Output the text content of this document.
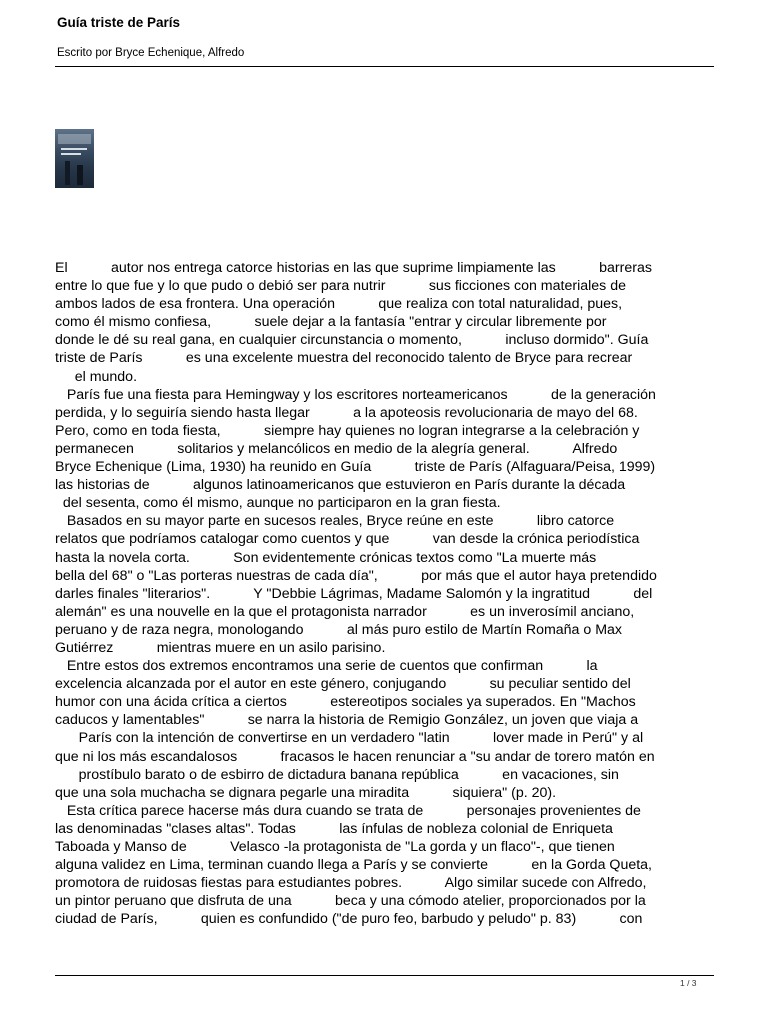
Guía triste de París
Escrito por Bryce Echenique, Alfredo
El           autor nos entrega catorce historias en las que suprime limpiamente las           barreras
entre lo que fue y lo que pudo o debió ser para nutrir           sus ficciones con materiales de
ambos lados de esa frontera. Una operación           que realiza con total naturalidad, pues,
como él mismo confiesa,           suele dejar a la fantasía "entrar y circular libremente por
donde le dé su real gana, en cualquier circunstancia o momento,           incluso dormido". Guía
triste de París           es una excelente muestra del reconocido talento de Bryce para recrear
el mundo.
París fue una fiesta para Hemingway y los escritores norteamericanos           de la generación
perdida, y lo seguiría siendo hasta llegar           a la apoteosis revolucionaria de mayo del 68.
Pero, como en toda fiesta,           siempre hay quienes no logran integrarse a la celebración y
permanecen           solitarios y melancólicos en medio de la alegría general.           Alfredo
Bryce Echenique (Lima, 1930) ha reunido en Guía           triste de París (Alfaguara/Peisa, 1999)
las historias de           algunos latinoamericanos que estuvieron en París durante la década
del sesenta, como él mismo, aunque no participaron en la gran fiesta.
Basados en su mayor parte en sucesos reales, Bryce reúne en este           libro catorce
relatos que podríamos catalogar como cuentos y que           van desde la crónica periodística
hasta la novela corta.           Son evidentemente crónicas textos como "La muerte más
bella del 68" o "Las porteras nuestras de cada día",           por más que el autor haya pretendido
darles finales "literarios".           Y "Debbie Lágrimas, Madame Salomón y la ingratitud           del
alemán" es una nouvelle en la que el protagonista narrador           es un inverosímil anciano,
peruano y de raza negra, monologando           al más puro estilo de Martín Romaña o Max
Gutiérrez           mientras muere en un asilo parisino.
Entre estos dos extremos encontramos una serie de cuentos que confirman           la
excelencia alcanzada por el autor en este género, conjugando           su peculiar sentido del
humor con una ácida crítica a ciertos           estereotipos sociales ya superados. En "Machos
caducos y lamentables"           se narra la historia de Remigio González, un joven que viaja a
París con la intención de convertirse en un verdadero "latin           lover made in Perú" y al
que ni los más escandalosos           fracasos le hacen renunciar a "su andar de torero matón en
prostíbulo barato o de esbirro de dictadura banana república           en vacaciones, sin
que una sola muchacha se dignara pegarle una miradita           siquiera" (p. 20).
Esta crítica parece hacerse más dura cuando se trata de           personajes provenientes de
las denominadas "clases altas". Todas           las ínfulas de nobleza colonial de Enriqueta
Taboada y Manso de           Velasco -la protagonista de "La gorda y un flaco"-, que tienen
alguna validez en Lima, terminan cuando llega a París y se convierte           en la Gorda Queta,
promotora de ruidosas fiestas para estudiantes pobres.           Algo similar sucede con Alfredo,
un pintor peruano que disfruta de una           beca y una cómodo atelier, proporcionados por la
ciudad de París,           quien es confundido ("de puro feo, barbudo y peludo" p. 83)           con
1 / 3
